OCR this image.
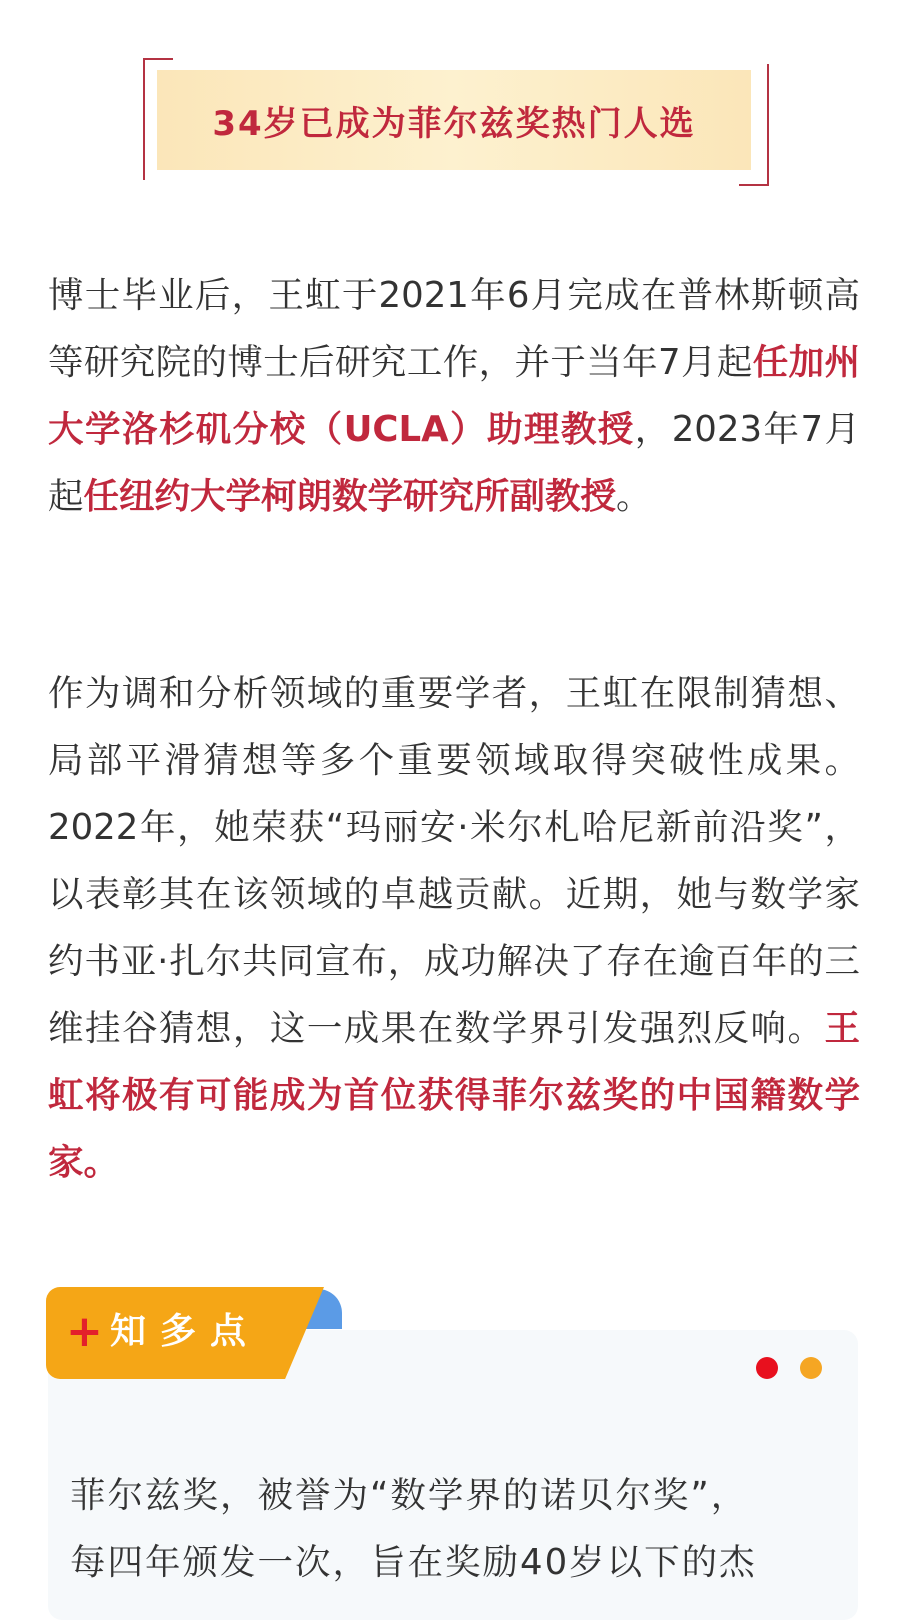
34岁已成为菲尔兹奖热门人选

博士毕业后，王虹于2021年6月完成在普林斯顿高等研究院的博士后研究工作，并于当年7月起任加州大学洛杉矶分校（UCLA）助理教授，2023年7月起任纽约大学柯朗数学研究所副教授。

作为调和分析领域的重要学者，王虹在限制猜想、局部平滑猜想等多个重要领域取得突破性成果。2022年，她荣获“玛丽安·米尔札哈尼新前沿奖”，以表彰其在该领域的卓越贡献。近期，她与数学家约书亚·扎尔共同宣布，成功解决了存在逾百年的三维挂谷猜想，这一成果在数学界引发强烈反响。王虹将极有可能成为首位获得菲尔兹奖的中国籍数学家。

+ 知多点

菲尔兹奖，被誉为“数学界的诺贝尔奖”，
每四年颁发一次，旨在奖励40岁以下的杰
